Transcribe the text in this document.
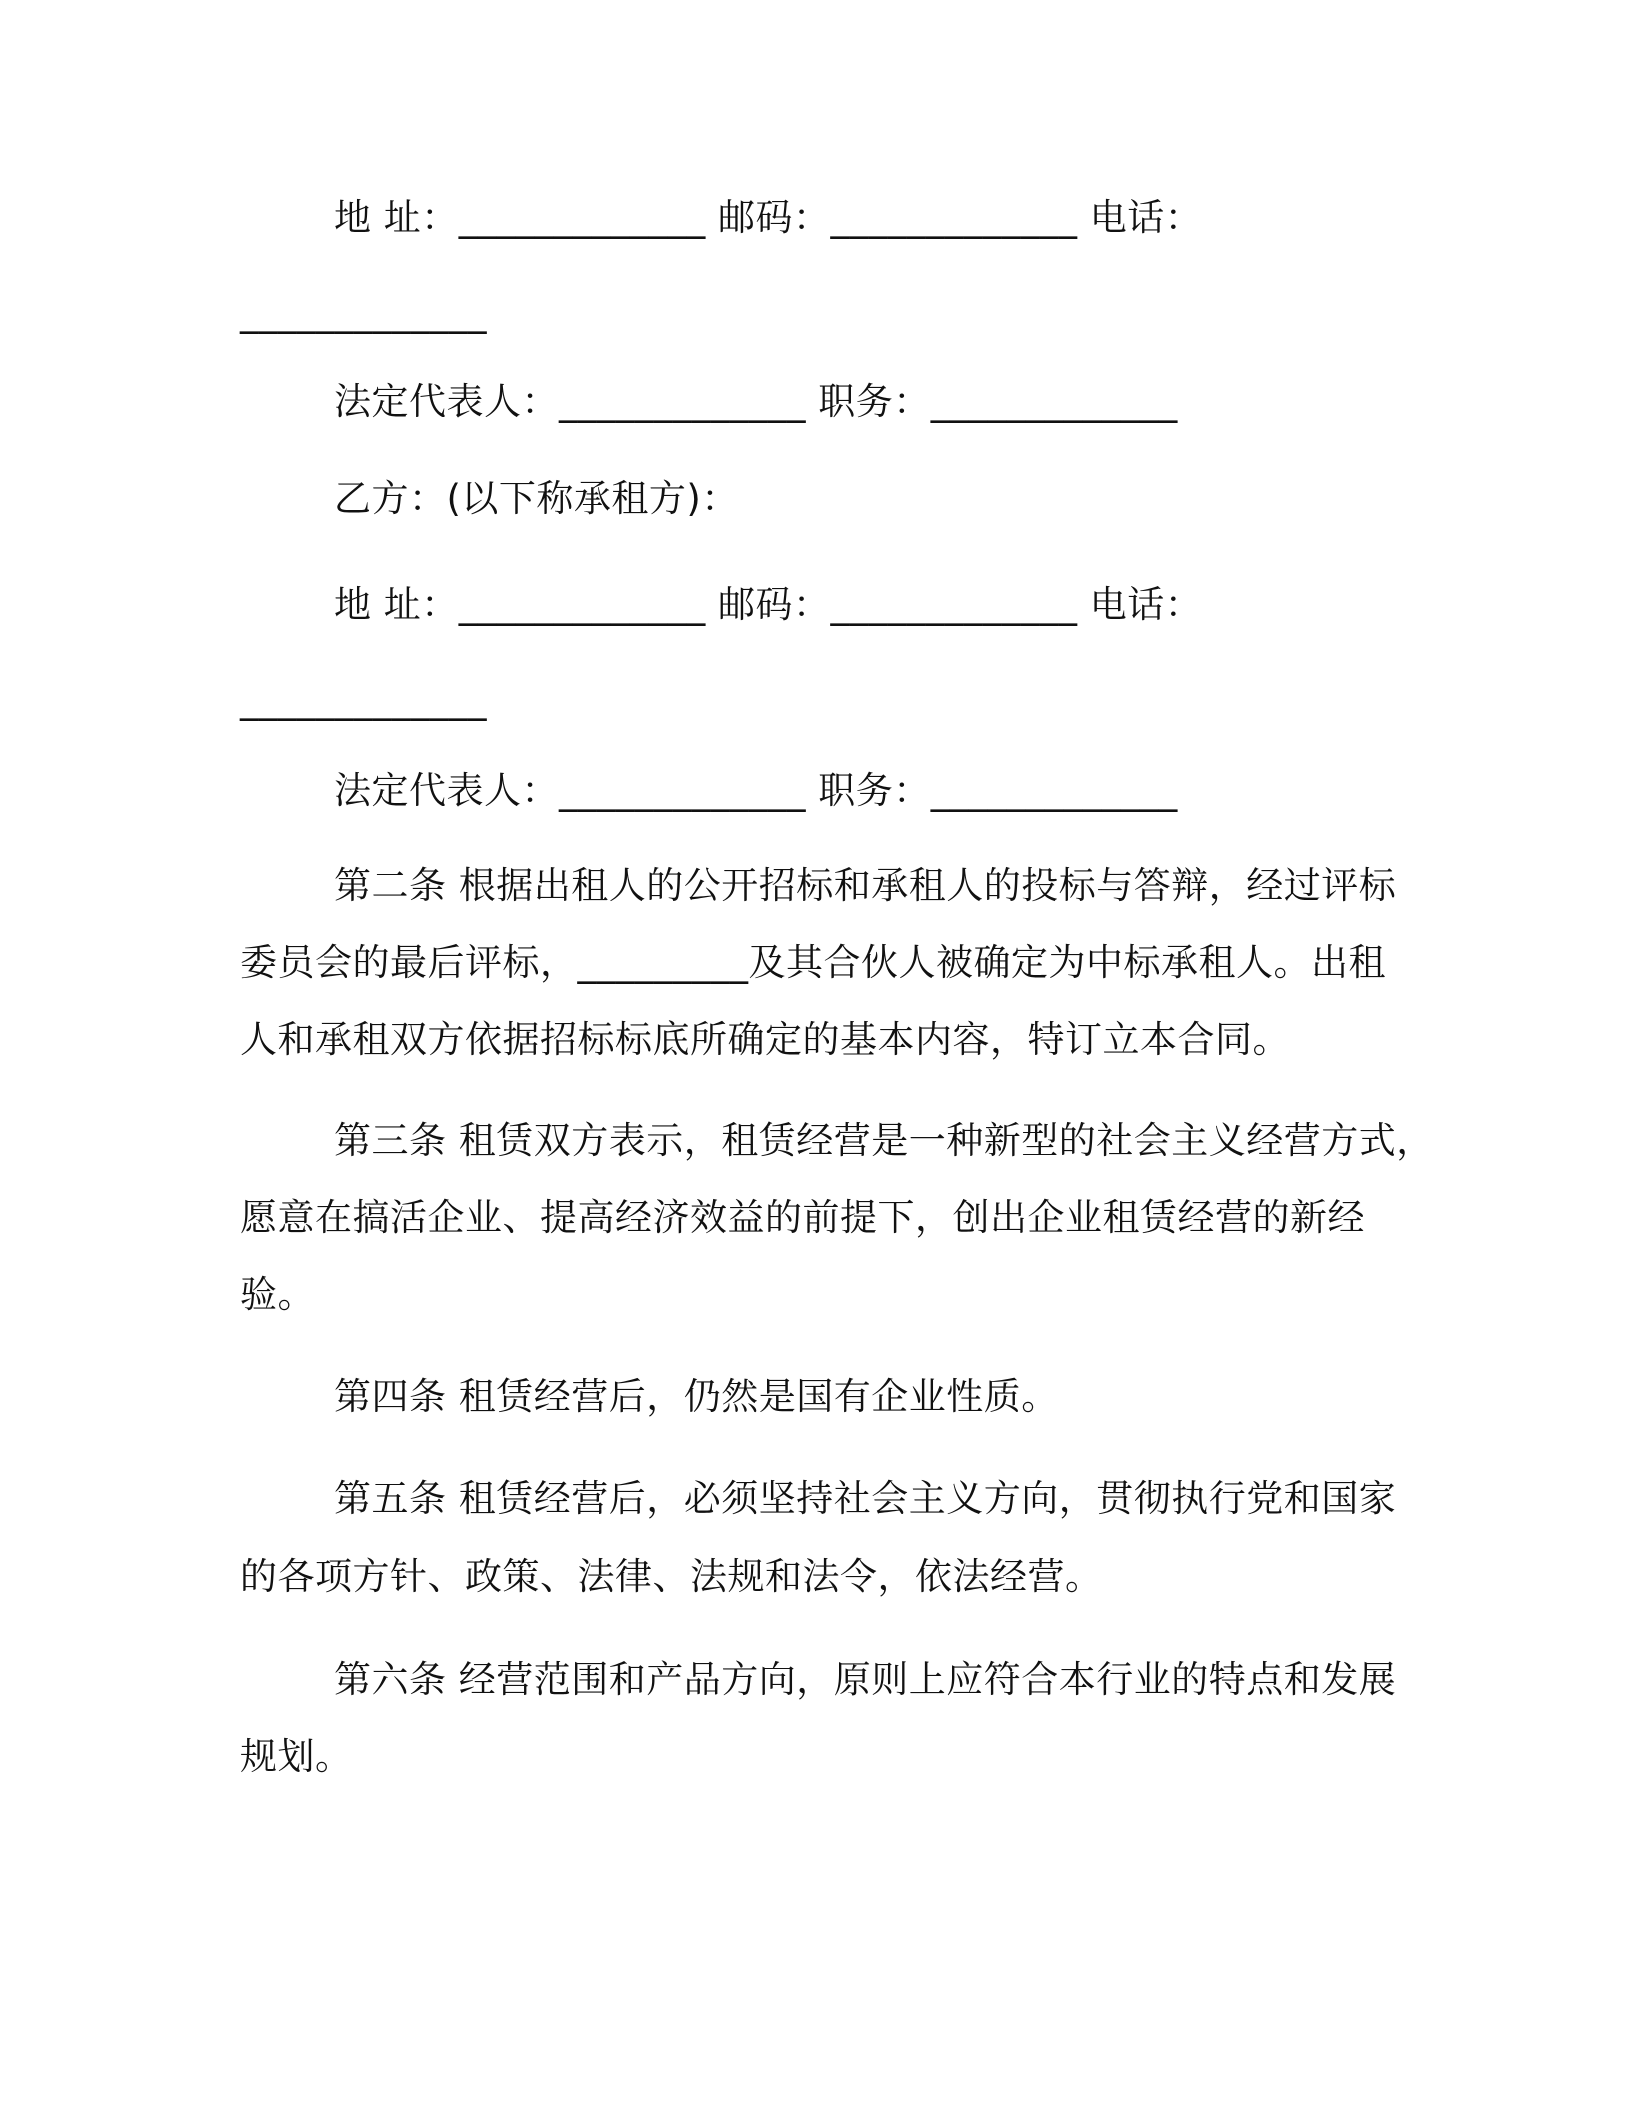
地 址：_____________ 邮码：_____________ 电话：
_____________
法定代表人：_____________ 职务：_____________
乙方：(以下称承租方)：
地 址：_____________ 邮码：_____________ 电话：
_____________
法定代表人：_____________ 职务：_____________
第二条 根据出租人的公开招标和承租人的投标与答辩，经过评标
委员会的最后评标，_________及其合伙人被确定为中标承租人。出租
人和承租双方依据招标标底所确定的基本内容，特订立本合同。
第三条 租赁双方表示，租赁经营是一种新型的社会主义经营方式，
愿意在搞活企业、提高经济效益的前提下，创出企业租赁经营的新经
验。
第四条 租赁经营后，仍然是国有企业性质。
第五条 租赁经营后，必须坚持社会主义方向，贯彻执行党和国家
的各项方针、政策、法律、法规和法令，依法经营。
第六条 经营范围和产品方向，原则上应符合本行业的特点和发展
规划。
